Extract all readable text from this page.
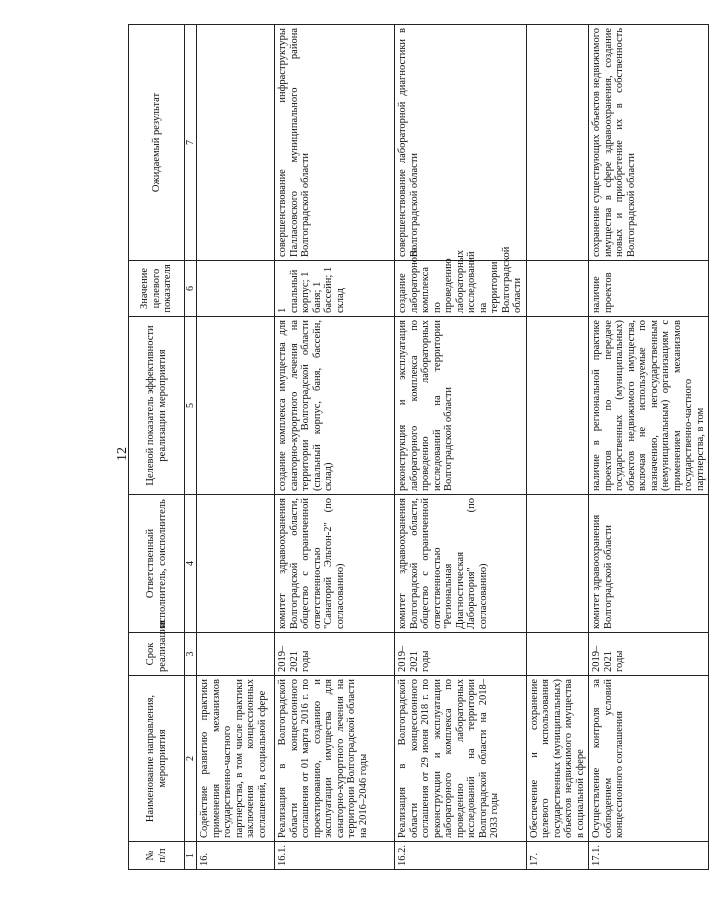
12
№ п/п	Наименование направления, мероприятия	Срок реализации	Ответственный исполнитель, соисполнитель	Целевой показатель эффективности реализации мероприятия	Значение целевого показателя	Ожидаемый результат
1	2	3	4	5	6	7
16.	Содействие развитию практики применения механизмов государственно-частного партнерства, в том числе практики заключения концессионных соглашений, в социальной сфере					
16.1.	Реализация в Волгоградской области концессионного соглашения от 01 марта 2016 г. по проектированию, созданию и эксплуатации имущества для санаторно-курортного лечения на территории Волгоградской области на 2016–2046 годы	2019–2021 годы	комитет здравоохранения Волгоградской области, общество с ограниченной ответственностью "Санаторий Эльтон-2" (по согласованию)	создание комплекса имущества для санаторно-курортного лечения на территории Волгоградской области (спальный корпус, баня, бассейн, склад)	1 спальный корпус; 1 баня; 1 бассейн; 1 склад	совершенствование инфраструктуры Палласовского муниципального района Волгоградской области
16.2.	Реализация в Волгоградской области концессионного соглашения от 29 июня 2018 г. по реконструкции и эксплуатации лабораторного комплекса по проведению лабораторных исследований на территории Волгоградской области на 2018–2033 годы	2019–2021 годы	комитет здравоохранения Волгоградской области, общество с ограниченной ответственностью "Региональная Диагностическая Лаборатория" (по согласованию)	реконструкция и эксплуатация лабораторного комплекса по проведению лабораторных исследований на территории Волгоградской области	создание лабораторного комплекса по проведению лабораторных исследований на территории Волгоградской области	совершенствование лабораторной диагностики в Волгоградской области
17.	Обеспечение и сохранение целевого использования государственных (муниципальных) объектов недвижимого имущества в социальной сфере					
17.1.	Осуществление контроля за соблюдением условий концессионного соглашения	2019–2021 годы	комитет здравоохранения Волгоградской области	наличие в региональной практике проектов по передаче государственных (муниципальных) объектов недвижимого имущества, включая не используемые по назначению, негосударственным (немуниципальным) организациям с применением механизмов государственно-частного партнерства, в том	наличие проектов	сохранение существующих объектов недвижимого имущества в сфере здравоохранения, создание новых и приобретение их в собственность Волгоградской области
